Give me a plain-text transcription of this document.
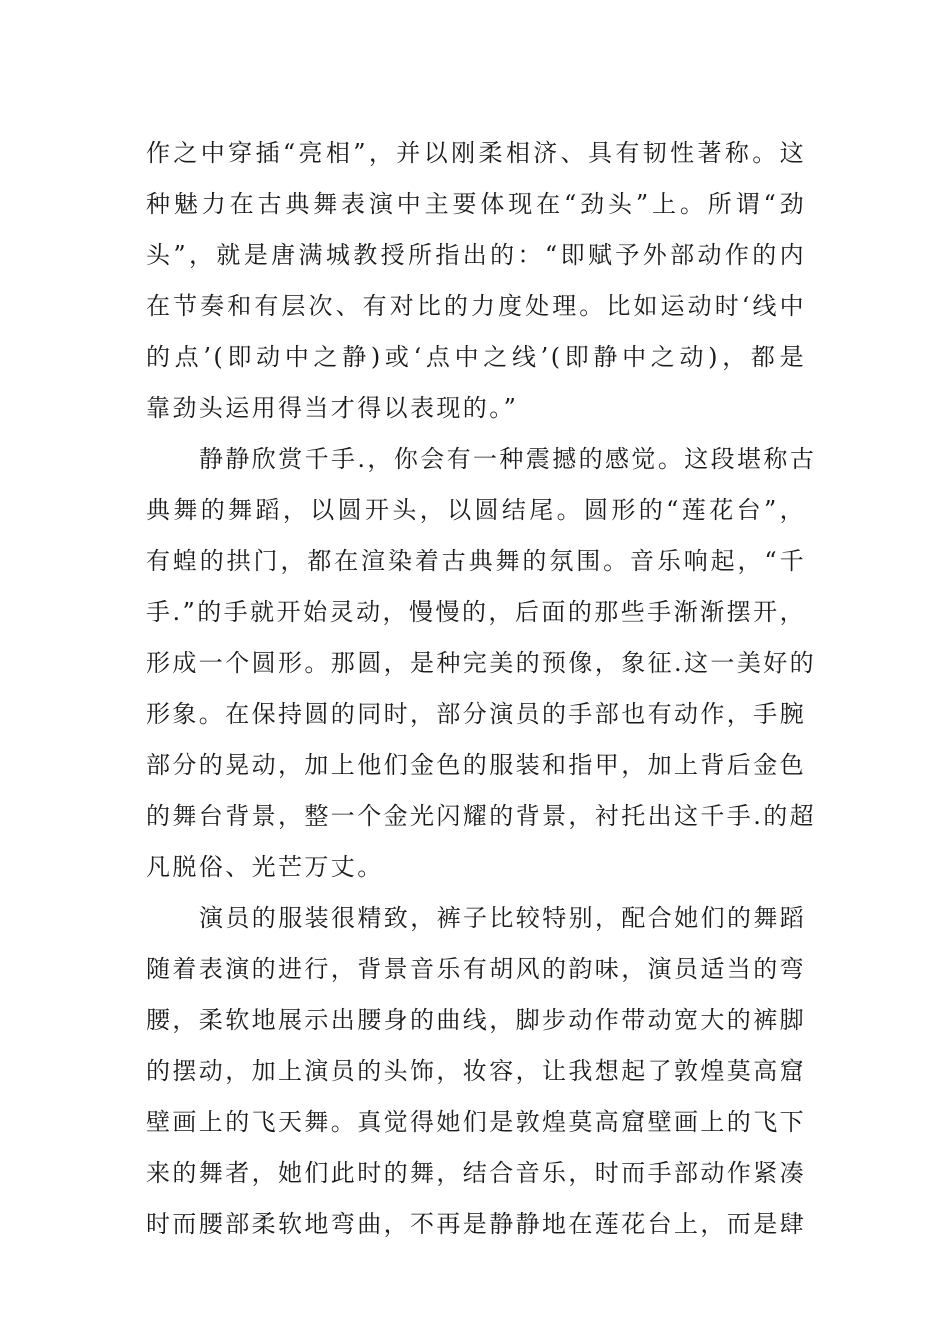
作之中穿插“亮相”，并以刚柔相济、具有韧性著称。这
种魅力在古典舞表演中主要体现在“劲头”上。所谓“劲
头”，就是唐满城教授所指出的：“即赋予外部动作的内
在节奏和有层次、有对比的力度处理。比如运动时‘线中
的点’(即动中之静)或‘点中之线’(即静中之动)，都是
靠劲头运用得当才得以表现的。”
静静欣赏千手.，你会有一种震撼的感觉。这段堪称古
典舞的舞蹈，以圆开头，以圆结尾。圆形的“莲花台”，
有蝗的拱门，都在渲染着古典舞的氛围。音乐响起，“千
手.”的手就开始灵动，慢慢的，后面的那些手渐渐摆开，
形成一个圆形。那圆，是种完美的预像，象征.这一美好的
形象。在保持圆的同时，部分演员的手部也有动作，手腕
部分的晃动，加上他们金色的服装和指甲，加上背后金色
的舞台背景，整一个金光闪耀的背景，衬托出这千手.的超
凡脱俗、光芒万丈。
演员的服装很精致，裤子比较特别，配合她们的舞蹈
随着表演的进行，背景音乐有胡风的韵味，演员适当的弯
腰，柔软地展示出腰身的曲线，脚步动作带动宽大的裤脚
的摆动，加上演员的头饰，妆容，让我想起了敦煌莫高窟
壁画上的飞天舞。真觉得她们是敦煌莫高窟壁画上的飞下
来的舞者，她们此时的舞，结合音乐，时而手部动作紧凑
时而腰部柔软地弯曲，不再是静静地在莲花台上，而是肆
